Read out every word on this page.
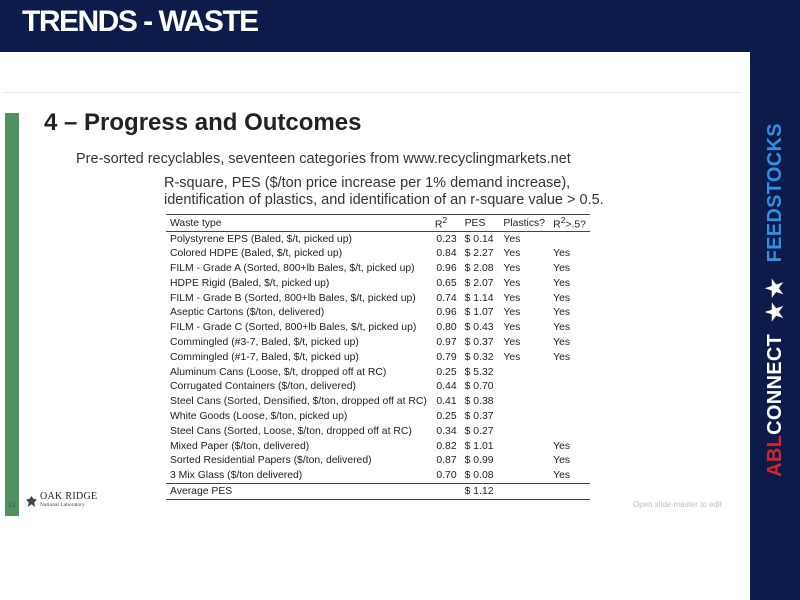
TRENDS - WASTE
ABLCONNECT
★★
FEEDSTOCKS
4 – Progress and Outcomes
Pre-sorted recyclables, seventeen categories from www.recyclingmarkets.net
R-square, PES ($/ton price increase per 1% demand increase), identification of plastics, and identification of an r-square value > 0.5.
Waste type	$R^2$	PES	Plastics?	$R^2>.5$?
Polystyrene EPS (Baled, $/t, picked up)	0.23	$ 0.14	Yes	
Colored HDPE (Baled, $/t, picked up)	0.84	$ 2.27	Yes	Yes
FILM - Grade A (Sorted, 800+lb Bales, $/t, picked up)	0.96	$ 2.08	Yes	Yes
HDPE Rigid (Baled, $/t, picked up)	0.65	$ 2.07	Yes	Yes
FILM - Grade B (Sorted, 800+lb Bales, $/t, picked up)	0.74	$ 1.14	Yes	Yes
Aseptic Cartons ($/ton, delivered)	0.96	$ 1.07	Yes	Yes
FILM - Grade C (Sorted, 800+lb Bales, $/t, picked up)	0.80	$ 0.43	Yes	Yes
Commingled (#3-7, Baled, $/t, picked up)	0.97	$ 0.37	Yes	Yes
Commingled (#1-7, Baled, $/t, picked up)	0.79	$ 0.32	Yes	Yes
Aluminum Cans (Loose, $/t, dropped off at RC)	0.25	$ 5.32		
Corrugated Containers ($/ton, delivered)	0.44	$ 0.70		
Steel Cans (Sorted, Densified, $/ton, dropped off at RC)	0.41	$ 0.38		
White Goods (Loose, $/ton, picked up)	0.25	$ 0.37		
Steel Cans (Sorted, Loose, $/ton, dropped off at RC)	0.34	$ 0.27		
Mixed Paper ($/ton, delivered)	0.82	$ 1.01		Yes
Sorted Residential Papers ($/ton, delivered)	0.87	$ 0.99		Yes
3 Mix Glass ($/ton delivered)	0.70	$ 0.08		Yes
Average PES		$ 1.12		
13
OAK RIDGE
National Laboratory	Open slide master to edit
